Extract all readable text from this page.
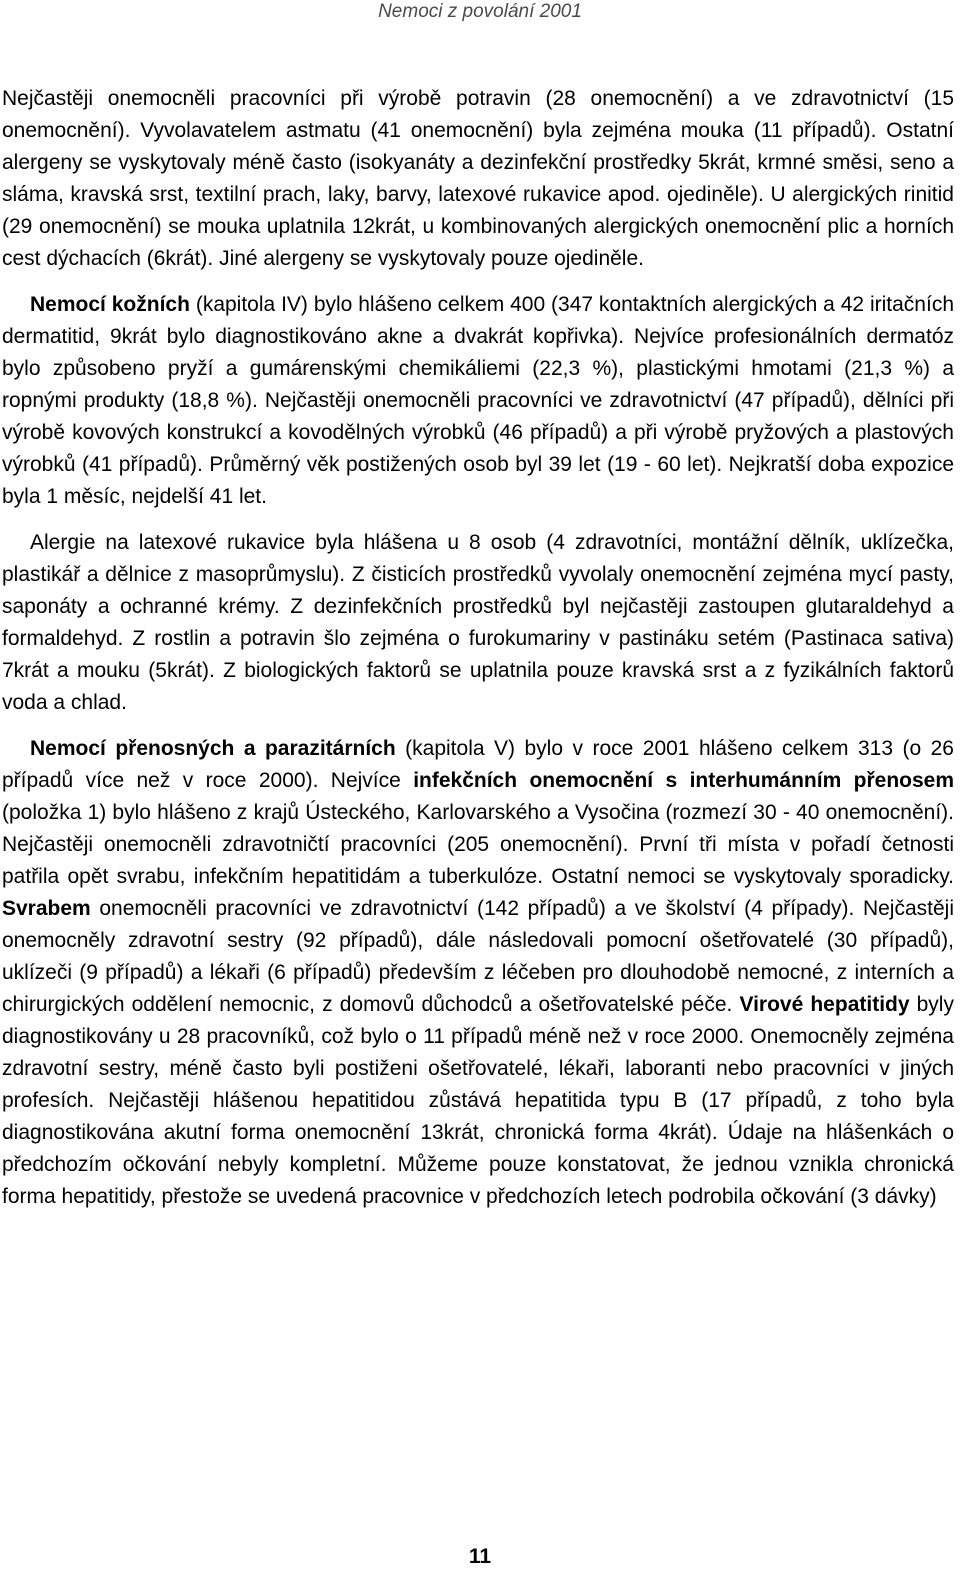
Nemoci z povolání 2001

Nejčastěji onemocněli pracovníci při výrobě potravin (28 onemocnění) a ve zdravotnictví (15 onemocnění). Vyvolavatelem astmatu (41 onemocnění) byla zejména mouka (11 případů). Ostatní alergeny se vyskytovaly méně často (isokyanáty a dezinfekční prostředky 5krát, krmné směsi, seno a sláma, kravská srst, textilní prach, laky, barvy, latexové rukavice apod. ojediněle). U alergických rinitid (29 onemocnění) se mouka uplatnila 12krát, u kombinovaných alergických onemocnění plic a horních cest dýchacích (6krát). Jiné alergeny se vyskytovaly pouze ojediněle.

Nemocí kožních (kapitola IV) bylo hlášeno celkem 400 (347 kontaktních alergických a 42 iritačních dermatitid, 9krát bylo diagnostikováno akne a dvakrát kopřivka). Nejvíce profesionálních dermatóz bylo způsobeno pryží a gumárenskými chemikáliemi (22,3 %), plastickými hmotami (21,3 %) a ropnými produkty (18,8 %). Nejčastěji onemocněli pracovníci ve zdravotnictví (47 případů), dělníci při výrobě kovových konstrukcí a kovodělných výrobků (46 případů) a při výrobě pryžových a plastových výrobků (41 případů). Průměrný věk postižených osob byl 39 let (19 - 60 let). Nejkratší doba expozice byla 1 měsíc, nejdelší 41 let.

Alergie na latexové rukavice byla hlášena u 8 osob (4 zdravotníci, montážní dělník, uklízečka, plastikář a dělnice z masoprůmyslu). Z čisticích prostředků vyvolaly onemocnění zejména mycí pasty, saponáty a ochranné krémy. Z dezinfekčních prostředků byl nejčastěji zastoupen glutaraldehyd a formaldehyd. Z rostlin a potravin šlo zejména o furokumariny v pastináku setém (Pastinaca sativa) 7krát a mouku (5krát). Z biologických faktorů se uplatnila pouze kravská srst a z fyzikálních faktorů voda a chlad.

Nemocí přenosných a parazitárních (kapitola V) bylo v roce 2001 hlášeno celkem 313 (o 26 případů více než v roce 2000). Nejvíce infekčních onemocnění s interhumánním přenosem (položka 1) bylo hlášeno z krajů Ústeckého, Karlovarského a Vysočina (rozmezí 30 - 40 onemocnění). Nejčastěji onemocněli zdravotničtí pracovníci (205 onemocnění). První tři místa v pořadí četnosti patřila opět svrabu, infekčním hepatitidám a tuberkulóze. Ostatní nemoci se vyskytovaly sporadicky. Svrabem onemocněli pracovníci ve zdravotnictví (142 případů) a ve školství (4 případy). Nejčastěji onemocněly zdravotní sestry (92 případů), dále následovali pomocní ošetřovatelé (30 případů), uklízeči (9 případů) a lékaři (6 případů) především z léčeben pro dlouhodobě nemocné, z interních a chirurgických oddělení nemocnic, z domovů důchodců a ošetřovatelské péče. Virové hepatitidy byly diagnostikovány u 28 pracovníků, což bylo o 11 případů méně než v roce 2000. Onemocněly zejména zdravotní sestry, méně často byli postiženi ošetřovatelé, lékaři, laboranti nebo pracovníci v jiných profesích. Nejčastěji hlášenou hepatitidou zůstává hepatitida typu B (17 případů, z toho byla diagnostikována akutní forma onemocnění 13krát, chronická forma 4krát). Údaje na hlášenkách o předchozím očkování nebyly kompletní. Můžeme pouze konstatovat, že jednou vznikla chronická forma hepatitidy, přestože se uvedená pracovnice v předchozích letech podrobila očkování (3 dávky)

11
